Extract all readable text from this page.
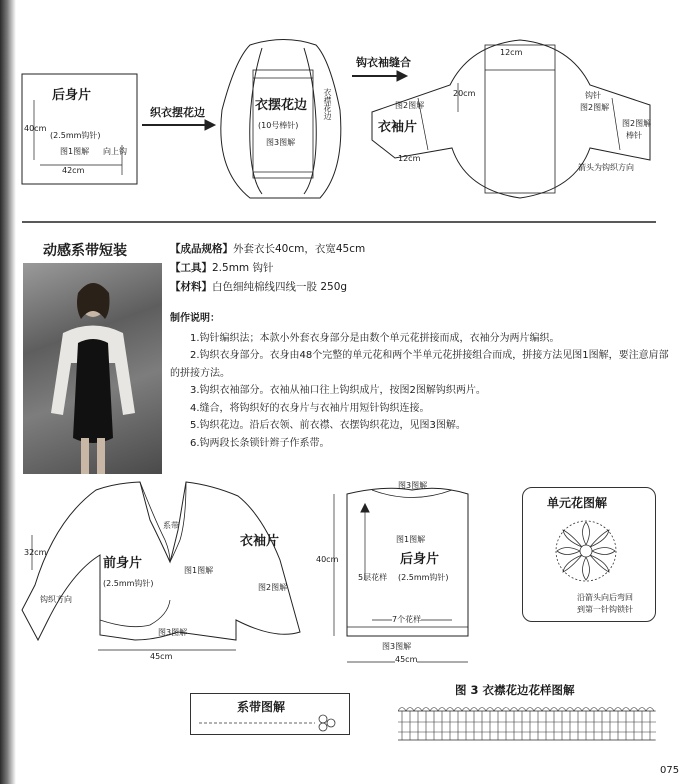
后身片
(2.5mm钩针)
图1图解 向上钩
40cm
42cm
织衣摆花边	衣摆花边
(10号棒针)
图3图解
衣襟花边
钩衣袖缝合
12cm
20cm
图2图解
衣袖片
12cm
钩针
图2图解
图2图解
棒针
箭头为钩织方向
动感系带短装	【成品规格】外套衣长40cm，衣宽45cm

【工具】2.5mm 钩针

【材料】白色细纯棉线四线一股 250g

制作说明：

1.钩针编织法；本款小外套衣身部分是由数个单元花拼接而成，衣袖分为两片编织。

2.钩织衣身部分。衣身由48个完整的单元花和两个半单元花拼接组合而成，拼接方法见图1图解，要注意肩部的拼接方法。

3.钩织衣袖部分。衣袖从袖口往上钩织成片，按图2图解钩织两片。

4.缝合，将钩织好的衣身片与衣袖片用短针钩织连接。

5.钩织花边。沿后衣领、前衣襟、衣摆钩织花边，见图3图解。

6.钩两段长条锁针辫子作系带。

前身片
(2.5mm钩针)
图1图解
系带
图3图解
钩织方向
32cm
45cm
衣袖片
图2图解
图3图解
图1图解
后身片
5层花样 (2.5mm钩针)
40cm
7个花样
图3图解
45cm
单元花图解
沿箭头向后弯回
到第一针钩锁针
系带图解
图 3 衣襟花边花样图解
075
